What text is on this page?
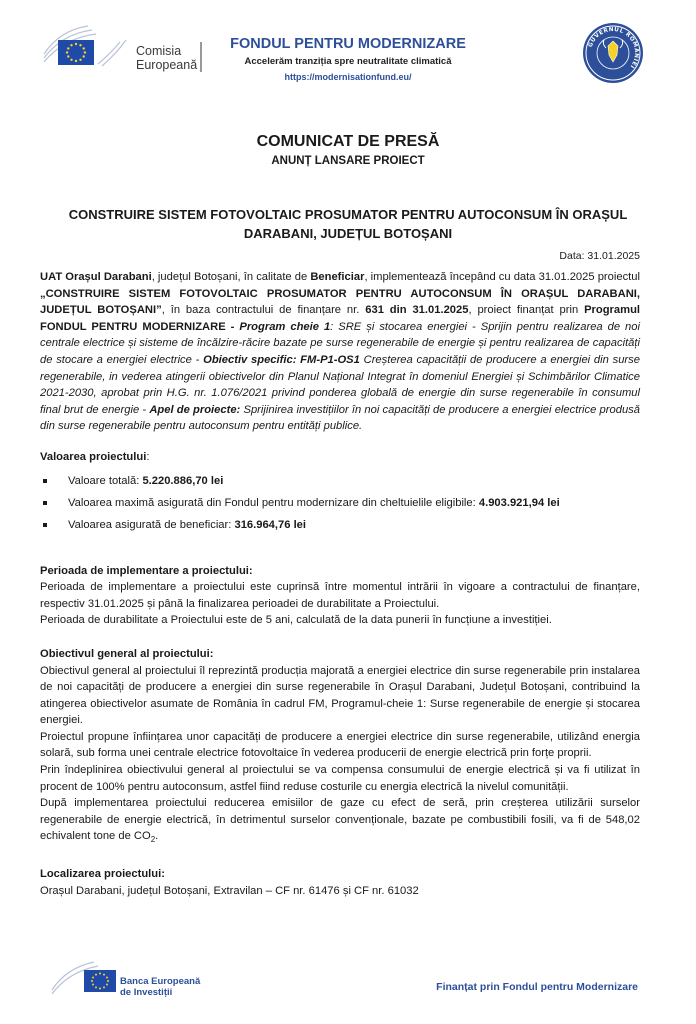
Comisia
Europeană
FONDUL PENTRU MODERNIZARE
Accelerăm tranziția spre neutralitate climatică
https://modernisationfund.eu/
GUVERNUL ROMÂNIEI
COMUNICAT DE PRESĂ
ANUNȚ LANSARE PROIECT
CONSTRUIRE SISTEM FOTOVOLTAIC PROSUMATOR PENTRU AUTOCONSUM ÎN ORAȘUL DARABANI, JUDEȚUL BOTOȘANI
Data: 31.01.2025

UAT Orașul Darabani, județul Botoșani, în calitate de Beneficiar, implementează începând cu data 31.01.2025 proiectul „CONSTRUIRE SISTEM FOTOVOLTAIC PROSUMATOR PENTRU AUTOCONSUM ÎN ORAȘUL DARABANI, JUDEȚUL BOTOȘANI”, în baza contractului de finanțare nr. 631 din 31.01.2025, proiect finanțat prin Programul FONDUL PENTRU MODERNIZARE - Program cheie 1: SRE și stocarea energiei - Sprijin pentru realizarea de noi centrale electrice și sisteme de încălzire-răcire bazate pe surse regenerabile de energie și pentru realizarea de capacități de stocare a energiei electrice - Obiectiv specific: FM-P1-OS1 Creșterea capacității de producere a energiei din surse regenerabile, in vederea atingerii obiectivelor din Planul Național Integrat în domeniul Energiei și Schimbărilor Climatice 2021-2030, aprobat prin H.G. nr. 1.076/2021 privind ponderea globală de energie din surse regenerabile în consumul final brut de energie - Apel de proiecte: Sprijinirea investițiilor în noi capacități de producere a energiei electrice produsă din surse regenerabile pentru autoconsum pentru entități publice.

Valoarea proiectului:
Valoare totală: 5.220.886,70 lei
Valoarea maximă asigurată din Fondul pentru modernizare din cheltuielile eligibile: 4.903.921,94 lei
Valoarea asigurată de beneficiar: 316.964,76 lei
Perioada de implementare a proiectului:

Perioada de implementare a proiectului este cuprinsă între momentul intrării în vigoare a contractului de finanțare, respectiv 31.01.2025 și până la finalizarea perioadei de durabilitate a Proiectului.

Perioada de durabilitate a Proiectului este de 5 ani, calculată de la data punerii în funcțiune a investiției.

Obiectivul general al proiectului:

Obiectivul general al proiectului îl reprezintă producția majorată a energiei electrice din surse regenerabile prin instalarea de noi capacități de producere a energiei din surse regenerabile în Orașul Darabani, Județul Botoșani, contribuind la atingerea obiectivelor asumate de România în cadrul FM, Programul-cheie 1: Surse regenerabile de energie și stocarea energiei.

Proiectul propune înființarea unor capacități de producere a energiei electrice din surse regenerabile, utilizând energia solară, sub forma unei centrale electrice fotovoltaice în vederea producerii de energie electrică prin forțe proprii.

Prin îndeplinirea obiectivului general al proiectului se va compensa consumului de energie electrică și va fi utilizat în procent de 100% pentru autoconsum, astfel fiind reduse costurile cu energia electrică la nivelul comunității.

După implementarea proiectului reducerea emisiilor de gaze cu efect de seră, prin creșterea utilizării surselor regenerabile de energie electrică, în detrimentul surselor convenționale, bazate pe combustibili fosili, va fi de 548,02 echivalent tone de $CO_2$.

Localizarea proiectului:

Orașul Darabani, județul Botoșani, Extravilan – CF nr. 61476 și CF nr. 61032

Banca Europeană
de Investiții	Finanțat prin Fondul pentru Modernizare
